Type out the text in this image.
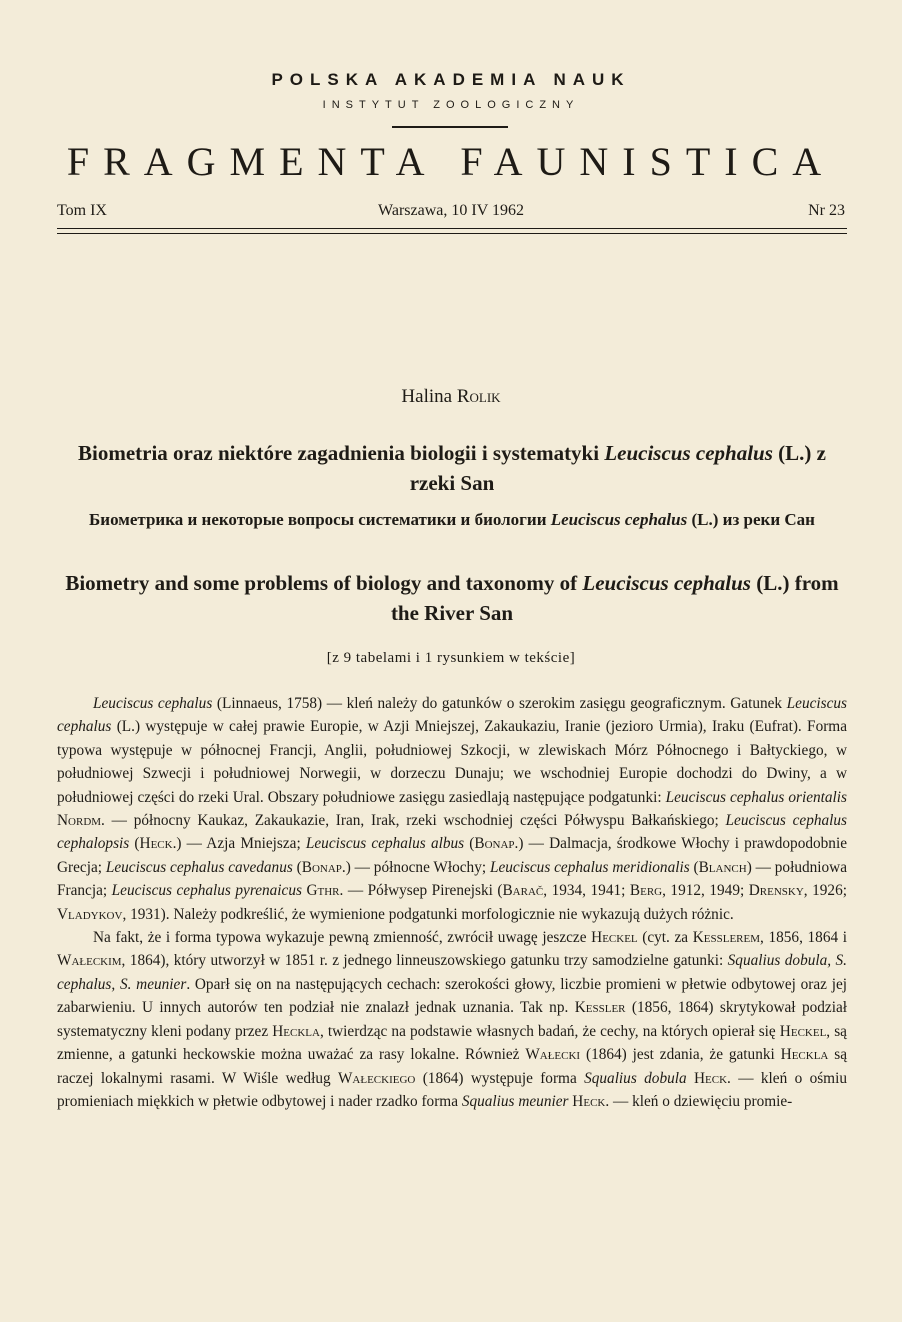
POLSKA AKADEMIA NAUK
INSTYTUT ZOOLOGICZNY
FRAGMENTA FAUNISTICA
Tom IX	Warszawa, 10 IV 1962	Nr 23
Halina Rolik
Biometria oraz niektóre zagadnienia biologii i systematyki Leuciscus cephalus (L.) z rzeki San
Биометрика и некоторые вопросы систематики и биологии Leuciscus cephalus (L.) из реки Сан
Biometry and some problems of biology and taxonomy of Leuciscus cephalus (L.) from the River San
[z 9 tabelami i 1 rysunkiem w tekście]

Leuciscus cephalus (Linnaeus, 1758) — kleń należy do gatunków o szerokim zasięgu geograficznym. Gatunek Leuciscus cephalus (L.) występuje w całej prawie Europie, w Azji Mniejszej, Zakaukaziu, Iranie (jezioro Urmia), Iraku (Eufrat). Forma typowa występuje w północnej Francji, Anglii, południowej Szkocji, w zlewiskach Mórz Północnego i Bałtyckiego, w południowej Szwecji i południowej Norwegii, w dorzeczu Dunaju; we wschodniej Europie dochodzi do Dwiny, a w południowej części do rzeki Ural. Obszary południowe zasięgu zasiedlają następujące podgatunki: Leuciscus cephalus orientalis Nordm. — północny Kaukaz, Zakaukazie, Iran, Irak, rzeki wschodniej części Półwyspu Bałkańskiego; Leuciscus cephalus cephalopsis (Heck.) — Azja Mniejsza; Leuciscus cephalus albus (Bonap.) — Dalmacja, środkowe Włochy i prawdopodobnie Grecja; Leuciscus cephalus cavedanus (Bonap.) — północne Włochy; Leuciscus cephalus meridionalis (Blanch) — południowa Francja; Leuciscus cephalus pyrenaicus Gthr. — Półwysep Pirenejski (Barač, 1934, 1941; Berg, 1912, 1949; Drensky, 1926; Vladykov, 1931). Należy podkreślić, że wymienione podgatunki morfologicznie nie wykazują dużych różnic.

Na fakt, że i forma typowa wykazuje pewną zmienność, zwrócił uwagę jeszcze Heckel (cyt. za Kesslerem, 1856, 1864 i Wałeckim, 1864), który utworzył w 1851 r. z jednego linneuszowskiego gatunku trzy samodzielne gatunki: Squalius dobula, S. cephalus, S. meunier. Oparł się on na następujących cechach: szerokości głowy, liczbie promieni w płetwie odbytowej oraz jej zabarwieniu. U innych autorów ten podział nie znalazł jednak uznania. Tak np. Kessler (1856, 1864) skrytykował podział systematyczny kleni podany przez Heckla, twierdząc na podstawie własnych badań, że cechy, na których opierał się Heckel, są zmienne, a gatunki heckowskie można uważać za rasy lokalne. Również Wałecki (1864) jest zdania, że gatunki Heckla są raczej lokalnymi rasami. W Wiśle według Wałeckiego (1864) występuje forma Squalius dobula Heck. — kleń o ośmiu promieniach miękkich w płetwie odbytowej i nader rzadko forma Squalius meunier Heck. — kleń o dziewięciu promie-
